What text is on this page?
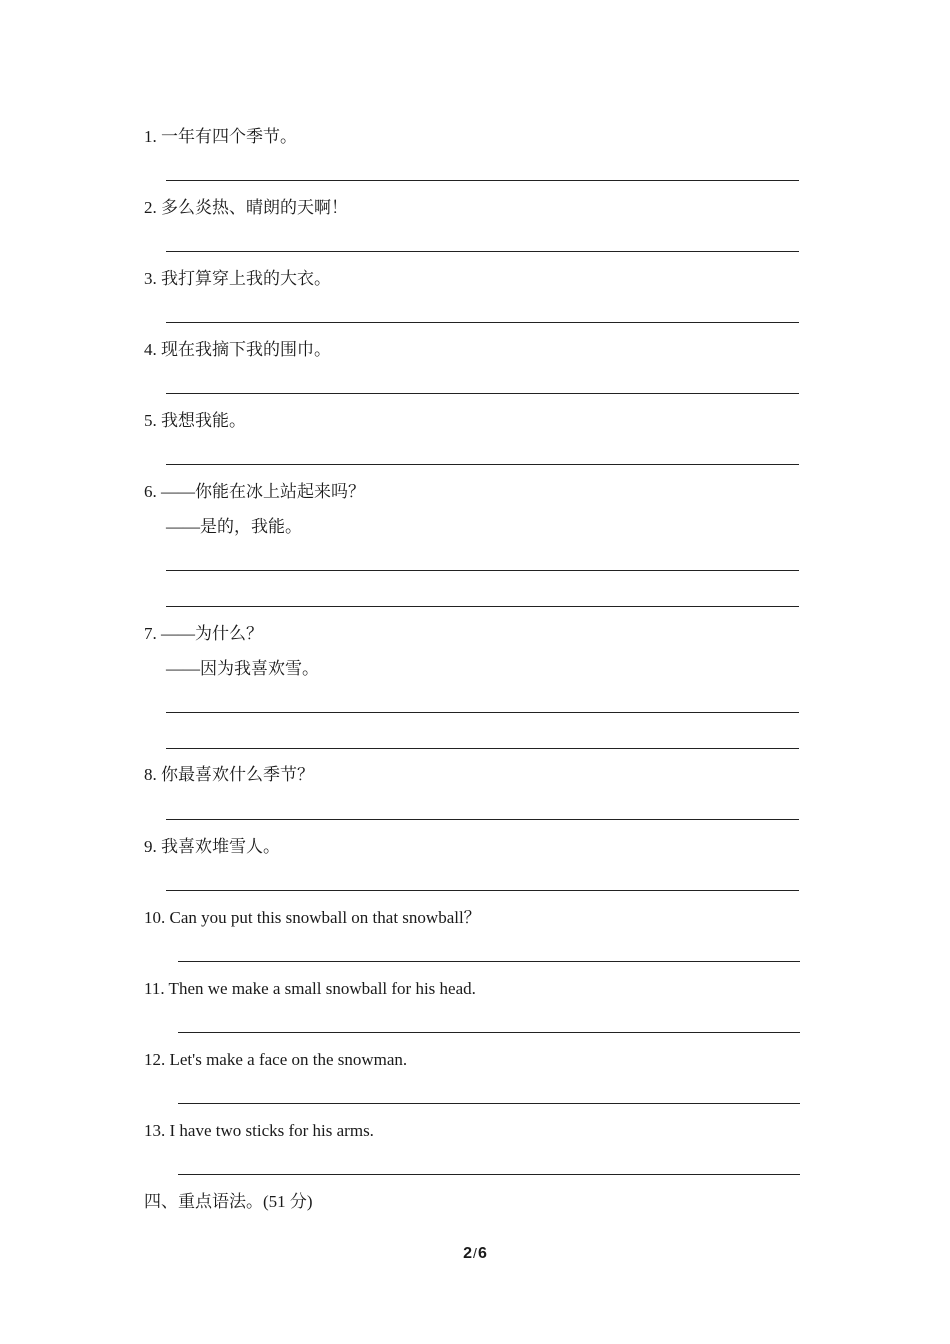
1. 一年有四个季节。
2. 多么炎热、晴朗的天啊！
3. 我打算穿上我的大衣。
4. 现在我摘下我的围巾。
5. 我想我能。
6. ——你能在冰上站起来吗？
——是的，我能。
7. ——为什么？
——因为我喜欢雪。
8. 你最喜欢什么季节？
9. 我喜欢堆雪人。
10. Can you put this snowball on that snowball？
11. Then we make a small snowball for his head.
12. Let's make a face on the snowman.
13. I have two sticks for his arms.
四、重点语法。(51 分)
2/6
